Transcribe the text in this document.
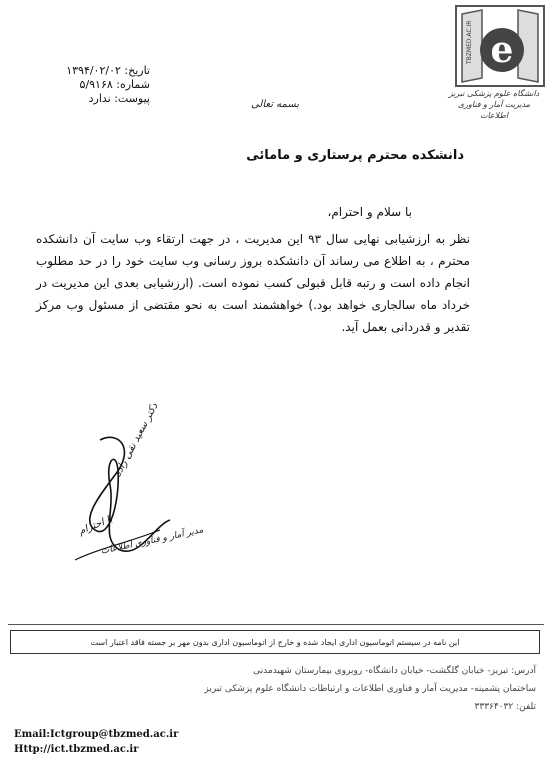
e
TBZMED.AC.IR
دانشگاه علوم پزشکی تبریز
مدیریت آمار و فناوری اطلاعات
تاریخ: ۱۳۹۴/۰۲/۰۲
شماره: ۵/۹۱۶۸
پیوست: ندارد	بسمه تعالی
دانشکده محترم پرستاری و مامائی
با سلام و احترام،
نظر به ارزشیابی نهایی سال ۹۳ این مدیریت ، در جهت ارتقاء وب سایت آن دانشکده محترم ، به اطلاع می رساند آن دانشکده بروز رسانی وب سایت خود را در حد مطلوب انجام داده است و رتبه قابل قبولی کسب نموده است. (ارزشیابی بعدی این مدیریت در خرداد ماه سالجاری خواهد بود.) خواهشمند است به نحو مقتضی از مسئول وب مرکز تقدیر و قدردانی بعمل آید.
دکتر سعید نقی زاده
با احترام
مدیر آمار و فناوری اطلاعات
این نامه در سیستم اتوماسیون اداری ایجاد شده و خارج از اتوماسیون اداری بدون مهر بر جسته فاقد اعتبار است
آدرس: تبریز- خیابان گلگشت- خیابان دانشگاه- روبروی بیمارستان شهیدمدنی
ساختمان پشمینه- مدیریت آمار و فناوری اطلاعات و ارتباطات دانشگاه علوم پزشکی تبریز
تلفن: ۳۳۳۶۴۰۳۲
Email:Ictgroup@tbzmed.ac.ir
Http://ict.tbzmed.ac.ir
